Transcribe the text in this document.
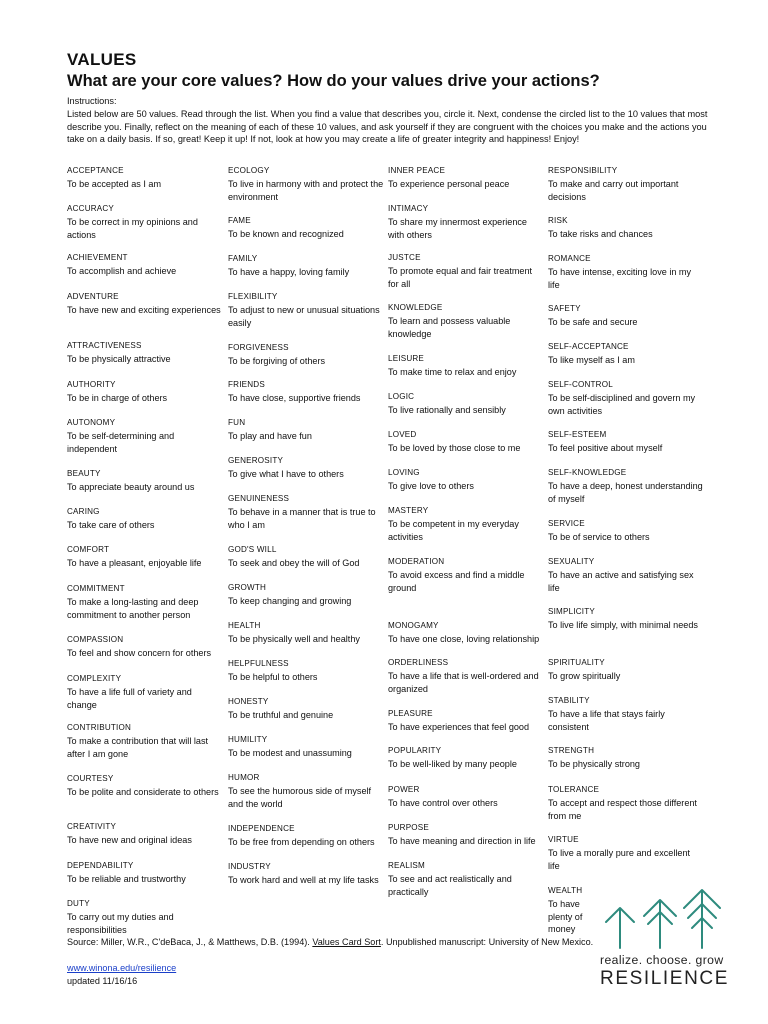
VALUES
What are your core values? How do your values drive your actions?
Instructions:
Listed below are 50 values. Read through the list. When you find a value that describes you, circle it. Next, condense the circled list to the 10 values that most describe you. Finally, reflect on the meaning of each of these 10 values, and ask yourself if they are congruent with the choices you make and the actions you take on a daily basis. If so, great! Keep it up! If not, look at how you may create a life of greater integrity and happiness! Enjoy!
ACCEPTANCE
To be accepted as I am
ACCURACY
To be correct in my opinions and actions
ACHIEVEMENT
To accomplish and achieve
ADVENTURE
To have new and exciting experiences
ATTRACTIVENESS
To be physically attractive
AUTHORITY
To be in charge of others
AUTONOMY
To be self-determining and independent
BEAUTY
To appreciate beauty around us
CARING
To take care of others
COMFORT
To have a pleasant, enjoyable life
COMMITMENT
To make a long-lasting and deep commitment to another person
COMPASSION
To feel and show concern for others
COMPLEXITY
To have a life full of variety and change
CONTRIBUTION
To make a contribution that will last after I am gone
COURTESY
To be polite and considerate to others
CREATIVITY
To have new and original ideas
DEPENDABILITY
To be reliable and trustworthy
DUTY
To carry out my duties and responsibilities
ECOLOGY
To live in harmony with and protect the environment
FAME
To be known and recognized
FAMILY
To have a happy, loving family
FLEXIBILITY
To adjust to new or unusual situations easily
FORGIVENESS
To be forgiving of others
FRIENDS
To have close, supportive friends
FUN
To play and have fun
GENEROSITY
To give what I have to others
GENUINENESS
To behave in a manner that is true to who I am
GOD'S WILL
To seek and obey the will of God
GROWTH
To keep changing and growing
HEALTH
To be physically well and healthy
HELPFULNESS
To be helpful to others
HONESTY
To be truthful and genuine
HUMILITY
To be modest and unassuming
HUMOR
To see the humorous side of myself and the world
INDEPENDENCE
To be free from depending on others
INDUSTRY
To work hard and well at my life tasks
INNER PEACE
To experience personal peace
INTIMACY
To share my innermost experience with others
JUSTCE
To promote equal and fair treatment for all
KNOWLEDGE
To learn and possess valuable knowledge
LEISURE
To make time to relax and enjoy
LOGIC
To live rationally and sensibly
LOVED
To be loved by those close to me
LOVING
To give love to others
MASTERY
To be competent in my everyday activities
MODERATION
To avoid excess and find a middle ground
MONOGAMY
To have one close, loving relationship
ORDERLINESS
To have a life that is well-ordered and organized
PLEASURE
To have experiences that feel good
POPULARITY
To be well-liked by many people
POWER
To have control over others
PURPOSE
To have meaning and direction in life
REALISM
To see and act realistically and practically
RESPONSIBILITY
To make and carry out important decisions
RISK
To take risks and chances
ROMANCE
To have intense, exciting love in my life
SAFETY
To be safe and secure
SELF-ACCEPTANCE
To like myself as I am
SELF-CONTROL
To be self-disciplined and govern my own activities
SELF-ESTEEM
To feel positive about myself
SELF-KNOWLEDGE
To have a deep, honest understanding of myself
SERVICE
To be of service to others
SEXUALITY
To have an active and satisfying sex life
SIMPLICITY
To live life simply, with minimal needs
SPIRITUALITY
To grow spiritually
STABILITY
To have a life that stays fairly consistent
STRENGTH
To be physically strong
TOLERANCE
To accept and respect those different from me
VIRTUE
To live a morally pure and excellent life
WEALTH
To have plenty of money
Source: Miller, W.R., C'deBaca, J., & Matthews, D.B. (1994). Values Card Sort. Unpublished manuscript: University of New Mexico.
www.winona.edu/resilience
updated 11/16/16
realize. choose. grow
RESILIENCE
